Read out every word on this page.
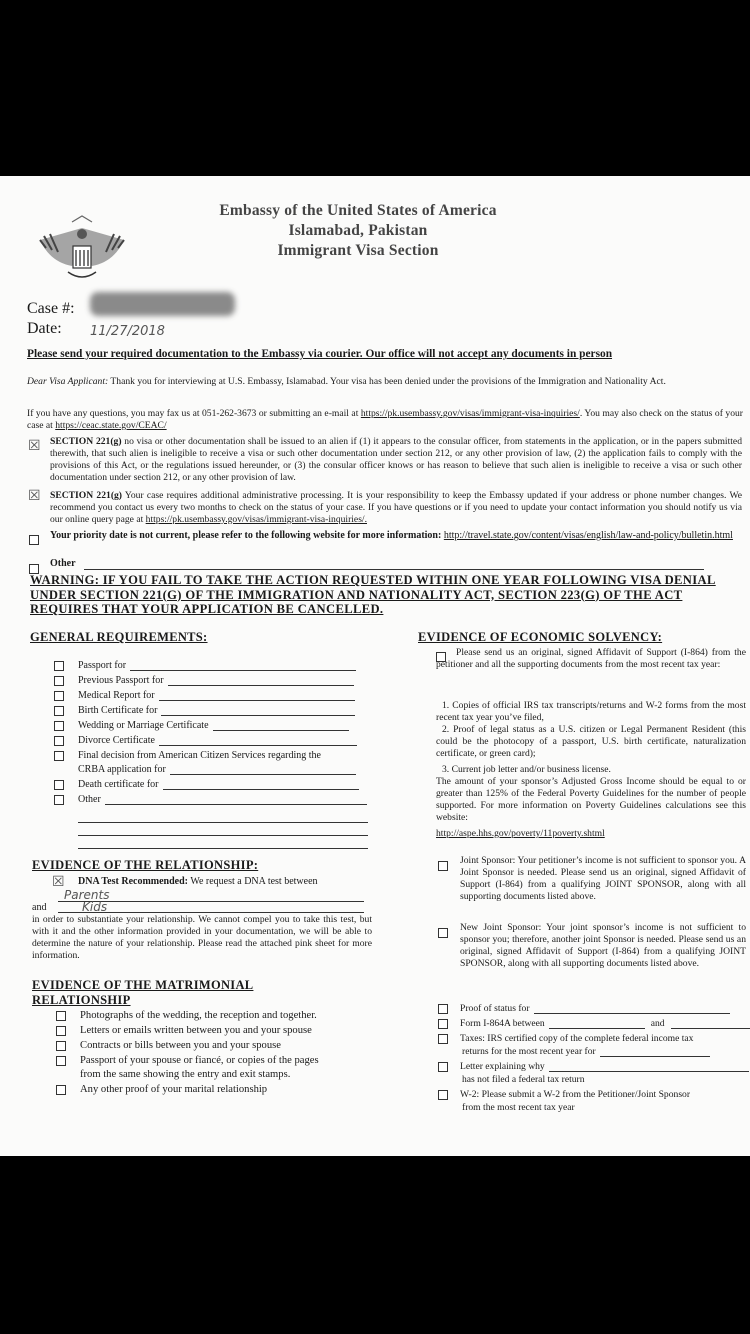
Embassy of the United States of America
Islamabad, Pakistan
Immigrant Visa Section
Case #:
Date: 11/27/2018
Please send your required documentation to the Embassy via courier. Our office will not accept any documents in person
Dear Visa Applicant: Thank you for interviewing at U.S. Embassy, Islamabad. Your visa has been denied under the provisions of the Immigration and Nationality Act.
If you have any questions, you may fax us at 051-262-3673 or submitting an e-mail at https://pk.usembassy.gov/visas/immigrant-visa-inquiries/. You may also check on the status of your case at https://ceac.state.gov/CEAC/
☒ SECTION 221(g) no visa or other documentation shall be issued to an alien if (1) it appears to the consular officer, from statements in the application, or in the papers submitted therewith, that such alien is ineligible to receive a visa or such other documentation under section 212, or any other provision of law, (2) the application fails to comply with the provisions of this Act, or the regulations issued hereunder, or (3) the consular officer knows or has reason to believe that such alien is ineligible to receive a visa or such other documentation under section 212, or any other provision of law.
☒ SECTION 221(g) Your case requires additional administrative processing. It is your responsibility to keep the Embassy updated if your address or phone number changes. We recommend you contact us every two months to check on the status of your case. If you have questions or if you need to update your contact information you should notify us via our online query page at https://pk.usembassy.gov/visas/immigrant-visa-inquiries/.
Your priority date is not current, please refer to the following website for more information: http://travel.state.gov/content/visas/english/law-and-policy/bulletin.html
Other
WARNING: IF YOU FAIL TO TAKE THE ACTION REQUESTED WITHIN ONE YEAR FOLLOWING VISA DENIAL UNDER SECTION 221(G) OF THE IMMIGRATION AND NATIONALITY ACT, SECTION 223(G) OF THE ACT REQUIRES THAT YOUR APPLICATION BE CANCELLED.
GENERAL REQUIREMENTS:
Passport for
Previous Passport for
Medical Report for
Birth Certificate for
Wedding or Marriage Certificate
Divorce Certificate
Final decision from American Citizen Services regarding the
CRBA application for
Death certificate for
Other
EVIDENCE OF THE RELATIONSHIP:
☒ DNA Test Recommended: We request a DNA test between
Parents
and	Kids
in order to substantiate your relationship. We cannot compel you to take this test, but with it and the other information provided in your documentation, we will be able to determine the nature of your relationship. Please read the attached pink sheet for more information.
EVIDENCE OF THE MATRIMONIAL
RELATIONSHIP
Photographs of the wedding, the reception and together.
Letters or emails written between you and your spouse
Contracts or bills between you and your spouse
Passport of your spouse or fiancé, or copies of the pages
from the same showing the entry and exit stamps.
Any other proof of your marital relationship
EVIDENCE OF ECONOMIC SOLVENCY:
Please send us an original, signed Affidavit of Support (I-864) from the petitioner and all the supporting documents from the most recent tax year:
1. Copies of official IRS tax transcripts/returns and W-2 forms from the most recent tax year you’ve filed,
2. Proof of legal status as a U.S. citizen or Legal Permanent Resident (this could be the photocopy of a passport, U.S. birth certificate, naturalization certificate, or green card);
3. Current job letter and/or business license.
The amount of your sponsor’s Adjusted Gross Income should be equal to or greater than 125% of the Federal Poverty Guidelines for the number of people supported. For more information on Poverty Guidelines calculations see this website:
http://aspe.hhs.gov/poverty/11poverty.shtml
Joint Sponsor: Your petitioner’s income is not sufficient to sponsor you. A Joint Sponsor is needed. Please send us an original, signed Affidavit of Support (I-864) from a qualifying JOINT SPONSOR, along with all supporting documents listed above.
New Joint Sponsor: Your joint sponsor’s income is not sufficient to sponsor you; therefore, another joint Sponsor is needed. Please send us an original, signed Affidavit of Support (I-864) from a qualifying JOINT SPONSOR, along with all supporting documents listed above.
Proof of status for
Form I-864A between	and
Taxes: IRS certified copy of the complete federal income tax
returns for the most recent year for
Letter explaining why
has not filed a federal tax return
W-2: Please submit a W-2 from the Petitioner/Joint Sponsor
from the most recent tax year
